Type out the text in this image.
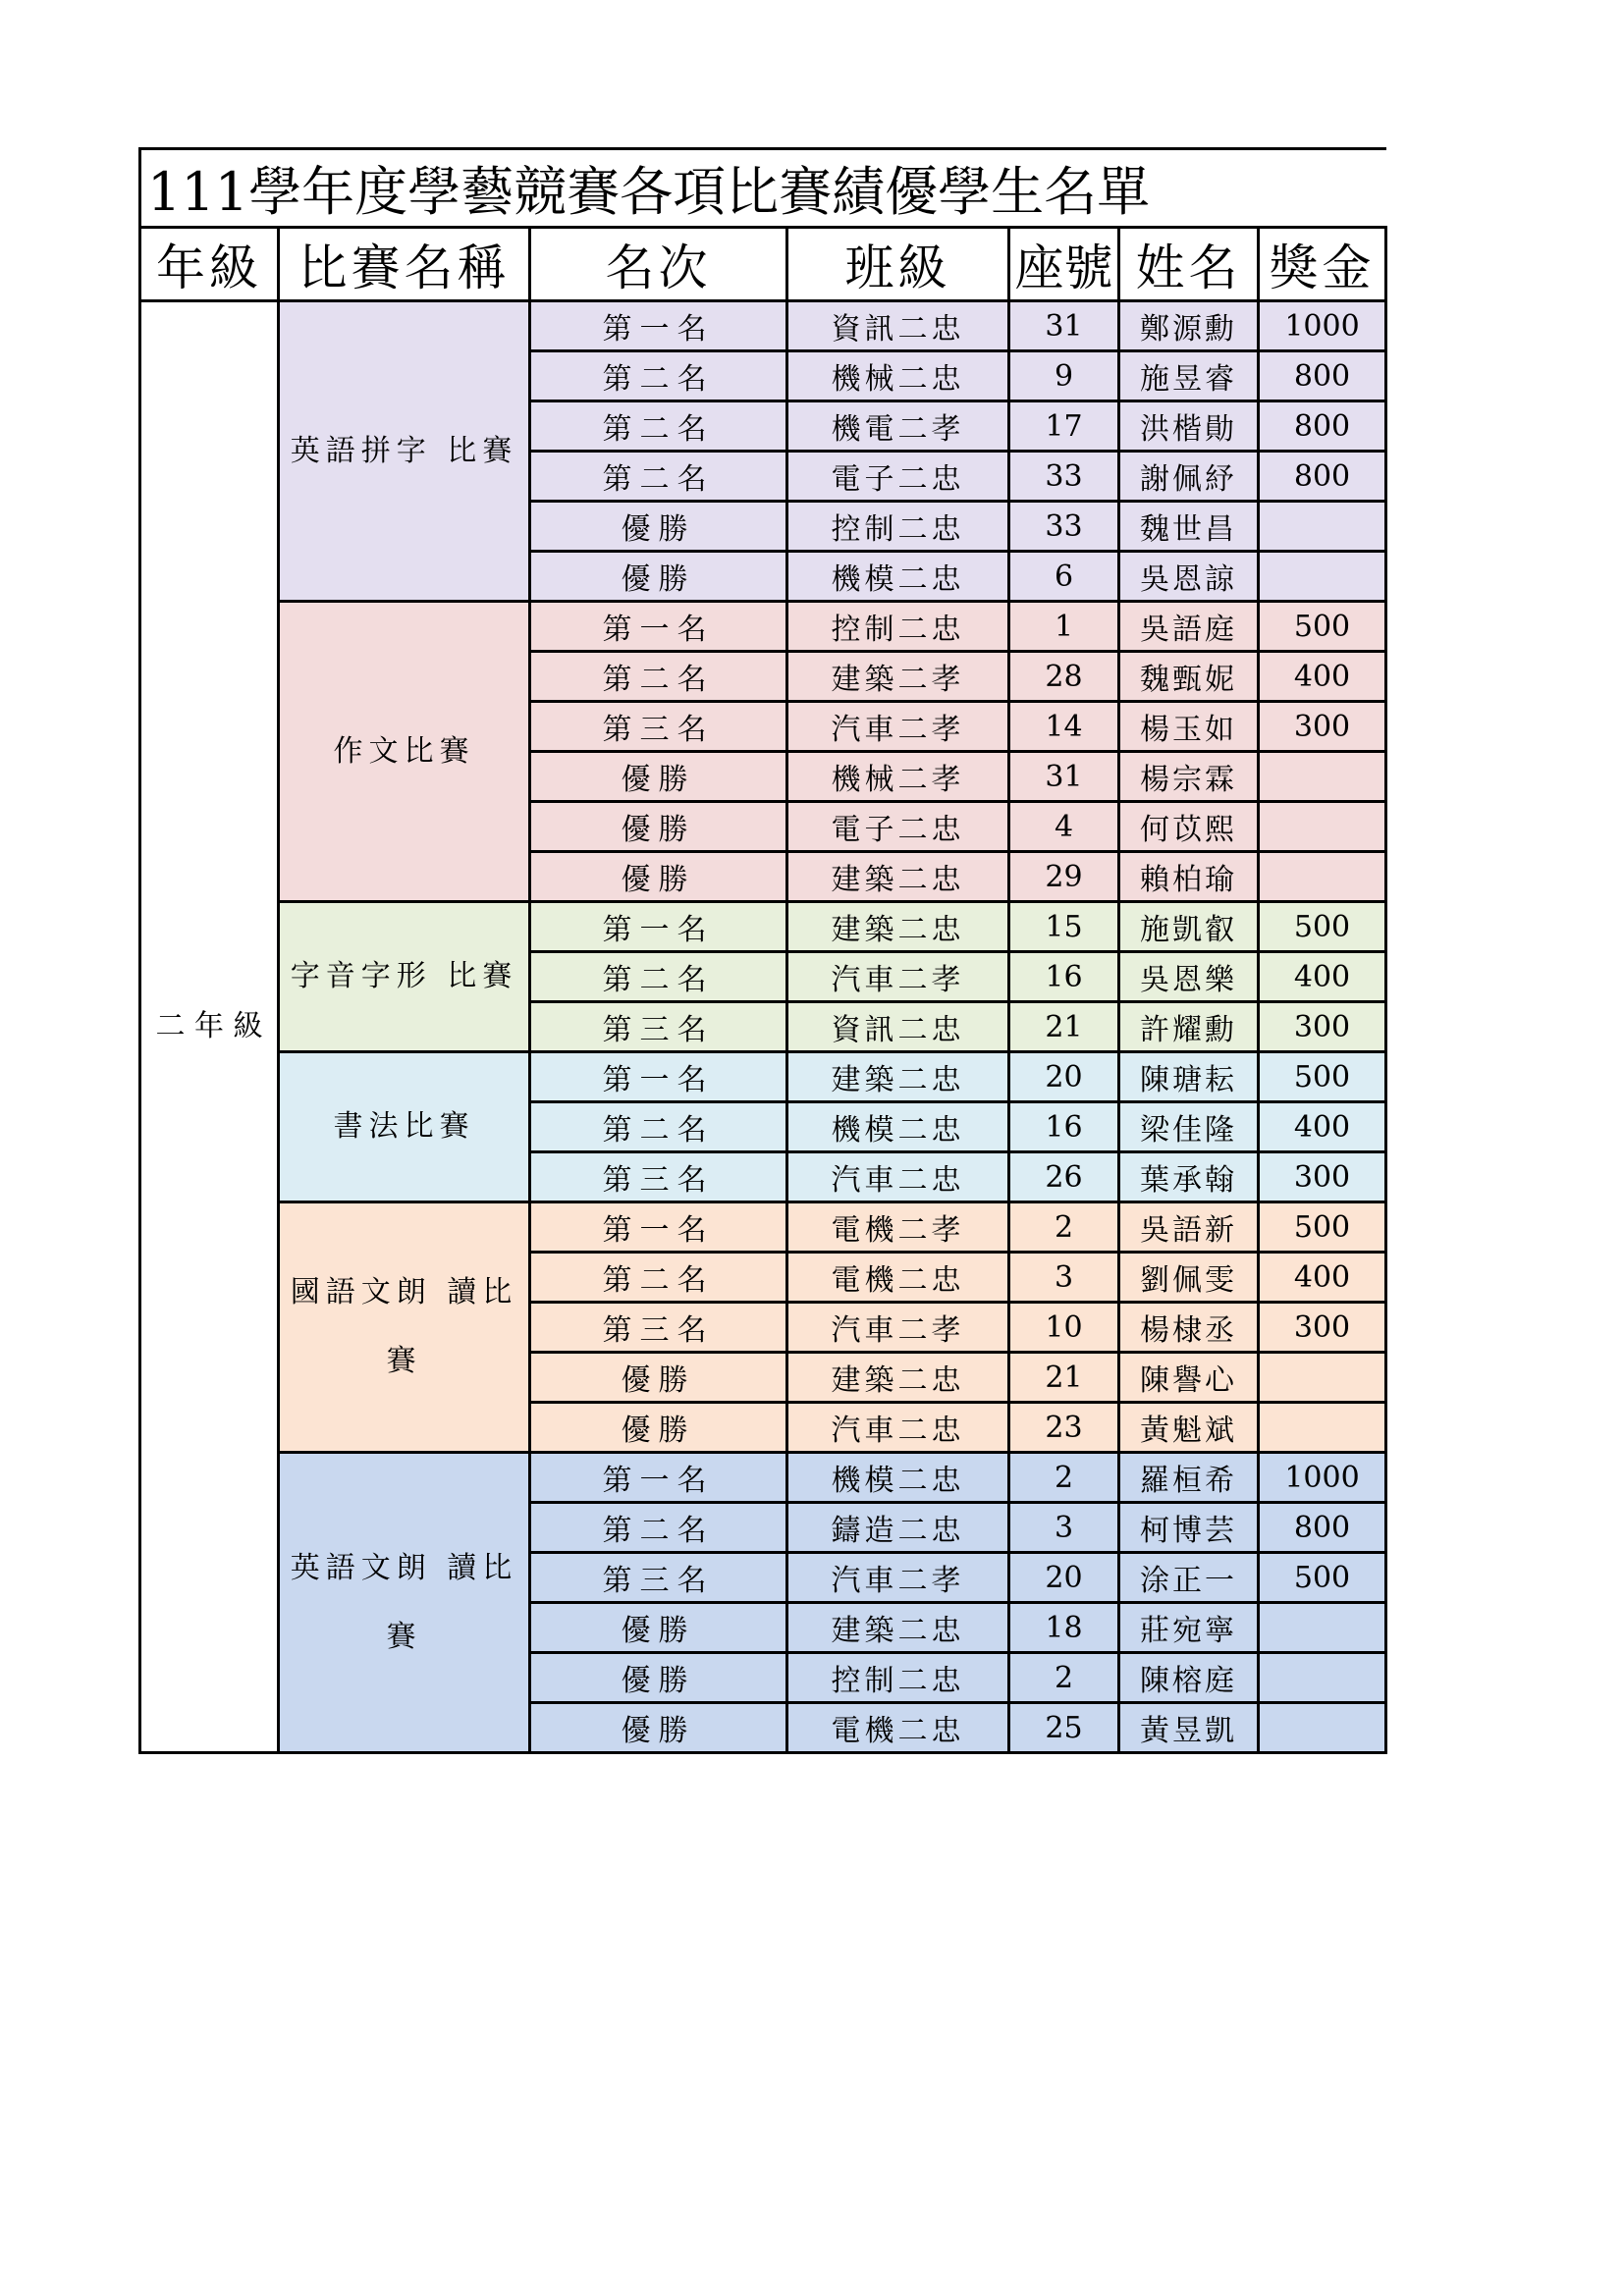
111學年度學藝競賽各項比賽績優學生名單						
年級	比賽名稱	名次	班級	座號	姓名	獎金
二 年 級	英語拼字 比賽	第一名	資訊二忠	31	鄭源勳	1000
		第二名	機械二忠	9	施昱睿	800
		第二名	機電二孝	17	洪楷勛	800
		第二名	電子二忠	33	謝佩紓	800
		優勝	控制二忠	33	魏世昌	
		優勝	機模二忠	6	吳恩諒	
	作文比賽	第一名	控制二忠	1	吳語庭	500
		第二名	建築二孝	28	魏甄妮	400
		第三名	汽車二孝	14	楊玉如	300
		優勝	機械二孝	31	楊宗霖	
		優勝	電子二忠	4	何苡熙	
		優勝	建築二忠	29	賴柏瑜	
	字音字形 比賽	第一名	建築二忠	15	施凱叡	500
		第二名	汽車二孝	16	吳恩樂	400
		第三名	資訊二忠	21	許耀勳	300
	書法比賽	第一名	建築二忠	20	陳瑭耘	500
		第二名	機模二忠	16	梁佳隆	400
		第三名	汽車二忠	26	葉承翰	300
	國語文朗 讀比賽	第一名	電機二孝	2	吳語新	500
		第二名	電機二忠	3	劉佩雯	400
		第三名	汽車二孝	10	楊棣丞	300
		優勝	建築二忠	21	陳譽心	
		優勝	汽車二忠	23	黃魁斌	
	英語文朗 讀比賽	第一名	機模二忠	2	羅桓希	1000
		第二名	鑄造二忠	3	柯博芸	800
		第三名	汽車二孝	20	涂正一	500
		優勝	建築二忠	18	莊宛寧	
		優勝	控制二忠	2	陳榕庭	
		優勝	電機二忠	25	黃昱凱	
